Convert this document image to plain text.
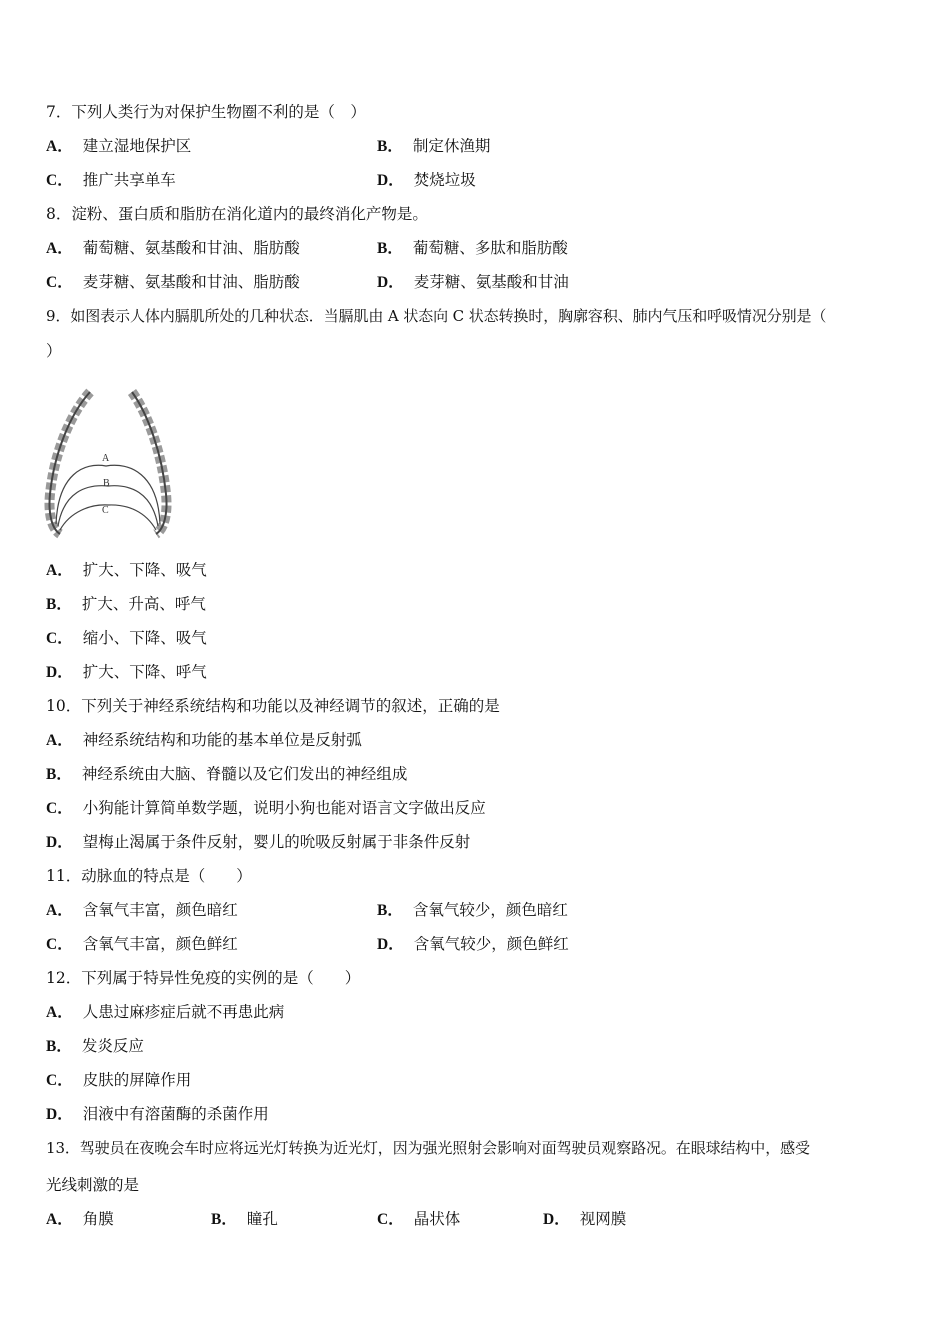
7．下列人类行为对保护生物圈不利的是（　）
A． 建立湿地保护区	B． 制定休渔期
C． 推广共享单车	D． 焚烧垃圾
8．淀粉、蛋白质和脂肪在消化道内的最终消化产物是。
A． 葡萄糖、氨基酸和甘油、脂肪酸	B． 葡萄糖、多肽和脂肪酸
C． 麦芽糖、氨基酸和甘油、脂肪酸	D． 麦芽糖、氨基酸和甘油
9．如图表示人体内膈肌所处的几种状态．当膈肌由 A 状态向 C 状态转换时，胸廓容积、肺内气压和呼吸情况分别是（
）
A
B
C
A． 扩大、下降、吸气
B． 扩大、升高、呼气
C． 缩小、下降、吸气
D． 扩大、下降、呼气
10．下列关于神经系统结构和功能以及神经调节的叙述，正确的是
A． 神经系统结构和功能的基本单位是反射弧
B． 神经系统由大脑、脊髓以及它们发出的神经组成
C． 小狗能计算简单数学题，说明小狗也能对语言文字做出反应
D． 望梅止渴属于条件反射，婴儿的吮吸反射属于非条件反射
11．动脉血的特点是（　　）
A． 含氧气丰富，颜色暗红	B． 含氧气较少，颜色暗红
C． 含氧气丰富，颜色鲜红	D． 含氧气较少，颜色鲜红
12．下列属于特异性免疫的实例的是（　　）
A． 人患过麻疹症后就不再患此病
B． 发炎反应
C． 皮肤的屏障作用
D． 泪液中有溶菌酶的杀菌作用
13．驾驶员在夜晚会车时应将远光灯转换为近光灯，因为强光照射会影响对面驾驶员观察路况。在眼球结构中，感受
光线刺激的是
A． 角膜	B． 瞳孔	C． 晶状体	D． 视网膜
